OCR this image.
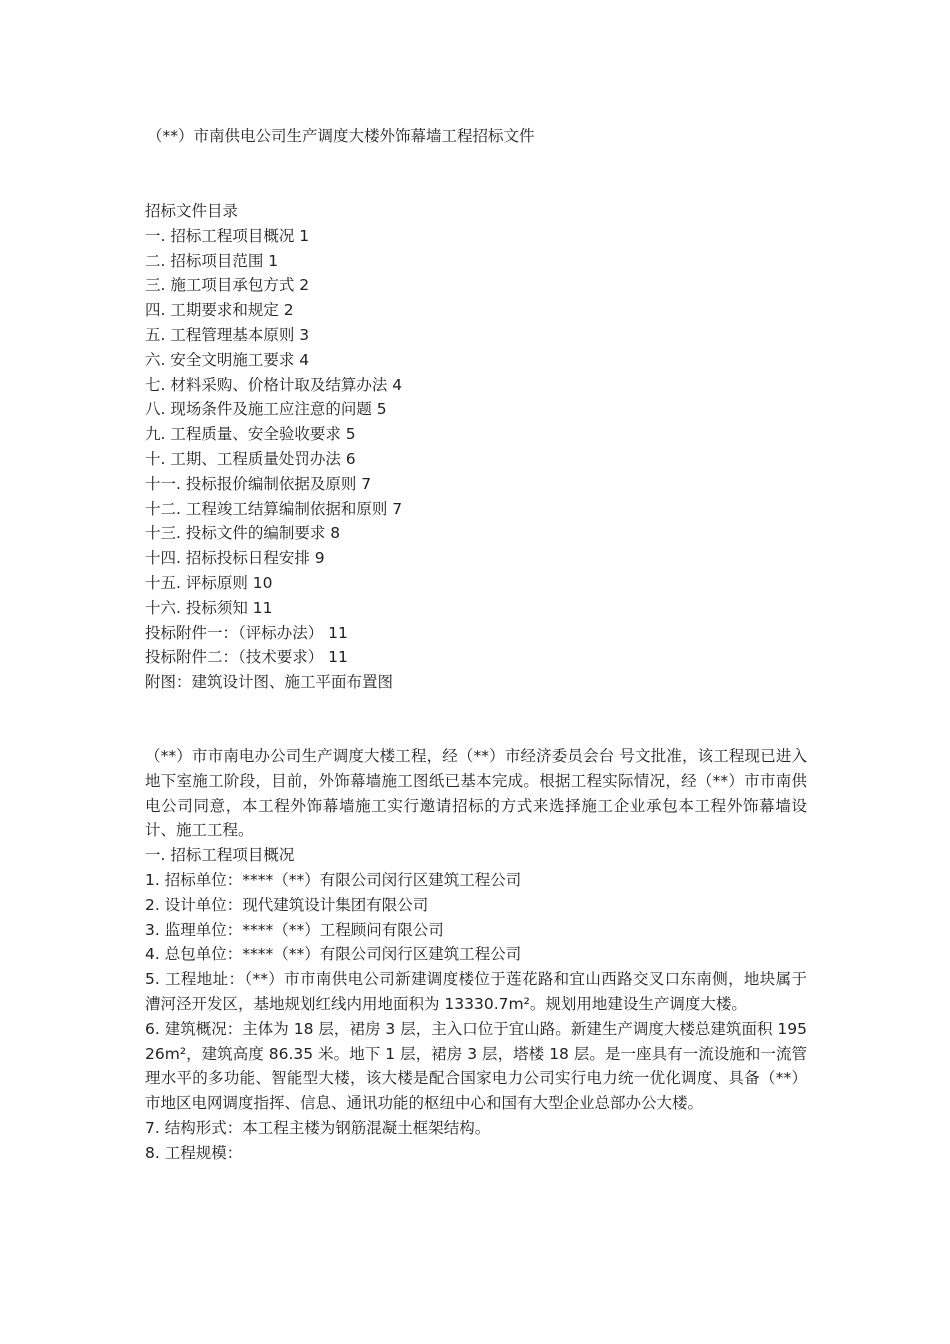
（**）市南供电公司生产调度大楼外饰幕墙工程招标文件
招标文件目录
一. 招标工程项目概况 1
二. 招标项目范围 1
三. 施工项目承包方式 2
四. 工期要求和规定 2
五. 工程管理基本原则 3
六. 安全文明施工要求 4
七. 材料采购、价格计取及结算办法 4
八. 现场条件及施工应注意的问题 5
九. 工程质量、安全验收要求 5
十. 工期、工程质量处罚办法 6
十一. 投标报价编制依据及原则 7
十二. 工程竣工结算编制依据和原则 7
十三. 投标文件的编制要求 8
十四. 招标投标日程安排 9
十五. 评标原则 10
十六. 投标须知 11
投标附件一：（评标办法） 11
投标附件二：（技术要求） 11
附图：建筑设计图、施工平面布置图
（**）市市南电办公司生产调度大楼工程，经（**）市经济委员会台 号文批准，该工程现已进入地下室施工阶段，目前，外饰幕墙施工图纸已基本完成。根据工程实际情况，经（**）市市南供电公司同意，本工程外饰幕墙施工实行邀请招标的方式来选择施工企业承包本工程外饰幕墙设计、施工工程。
一. 招标工程项目概况
1. 招标单位：****（**）有限公司闵行区建筑工程公司
2. 设计单位：现代建筑设计集团有限公司
3. 监理单位：****（**）工程顾问有限公司
4. 总包单位：****（**）有限公司闵行区建筑工程公司
5. 工程地址：（**）市市南供电公司新建调度楼位于莲花路和宜山西路交叉口东南侧，地块属于漕河泾开发区，基地规划红线内用地面积为 13330.7m²。规划用地建设生产调度大楼。
6. 建筑概况：主体为 18 层，裙房 3 层，主入口位于宜山路。新建生产调度大楼总建筑面积 19526m²，建筑高度 86.35 米。地下 1 层，裙房 3 层，塔楼 18 层。是一座具有一流设施和一流管理水平的多功能、智能型大楼，该大楼是配合国家电力公司实行电力统一优化调度、具备（**）市地区电网调度指挥、信息、通讯功能的枢纽中心和国有大型企业总部办公大楼。
7. 结构形式：本工程主楼为钢筋混凝土框架结构。
8. 工程规模：
